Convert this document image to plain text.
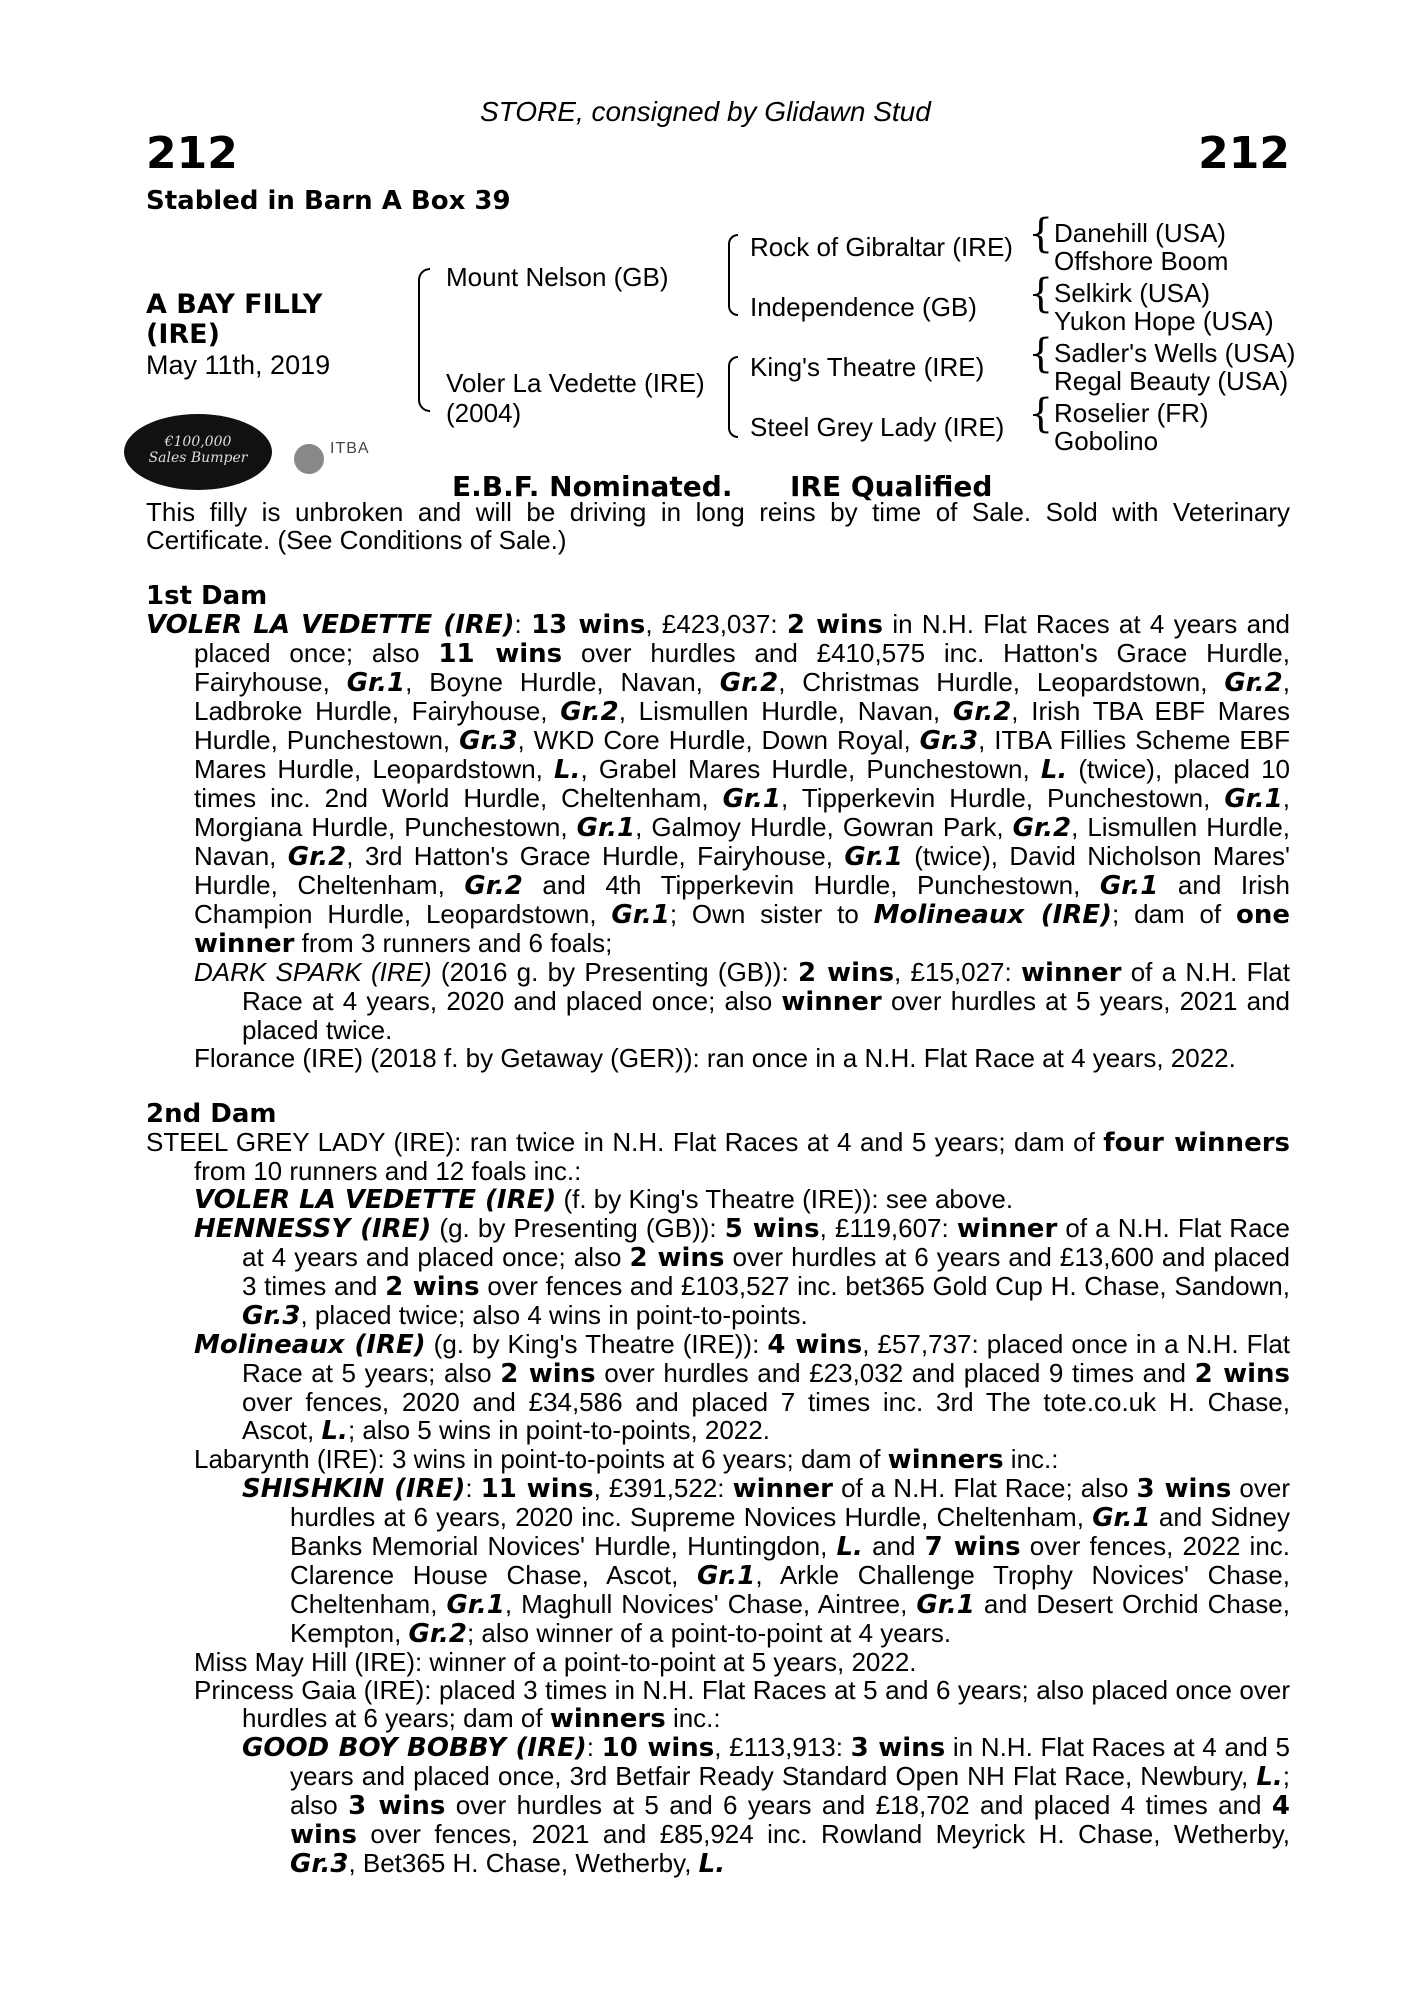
STORE, consigned by Glidawn Stud
212	212
Stabled in Barn A Box 39
A BAY FILLY (IRE)
May 11th, 2019
Mount Nelson (GB)
Voler La Vedette (IRE)
(2004)
Rock of Gibraltar (IRE)
Independence (GB)
King's Theatre (IRE)
Steel Grey Lady (IRE)
{ Danehill (USA)
Offshore Boom
{ Selkirk (USA)
Yukon Hope (USA)
{ Sadler's Wells (USA)
Regal Beauty (USA)
{ Roselier (FR)
Gobolino
€100,000
Sales Bumper
ITBA
E.B.F. Nominated. IRE Qualified

This filly is unbroken and will be driving in long reins by time of Sale. Sold with Veterinary Certificate. (See Conditions of Sale.)

1st Dam

VOLER LA VEDETTE (IRE): 13 wins, £423,037: 2 wins in N.H. Flat Races at 4 years and placed once; also 11 wins over hurdles and £410,575 inc. Hatton's Grace Hurdle, Fairyhouse, Gr.1, Boyne Hurdle, Navan, Gr.2, Christmas Hurdle, Leopardstown, Gr.2, Ladbroke Hurdle, Fairyhouse, Gr.2, Lismullen Hurdle, Navan, Gr.2, Irish TBA EBF Mares Hurdle, Punchestown, Gr.3, WKD Core Hurdle, Down Royal, Gr.3, ITBA Fillies Scheme EBF Mares Hurdle, Leopardstown, L., Grabel Mares Hurdle, Punchestown, L. (twice), placed 10 times inc. 2nd World Hurdle, Cheltenham, Gr.1, Tipperkevin Hurdle, Punchestown, Gr.1, Morgiana Hurdle, Punchestown, Gr.1, Galmoy Hurdle, Gowran Park, Gr.2, Lismullen Hurdle, Navan, Gr.2, 3rd Hatton's Grace Hurdle, Fairyhouse, Gr.1 (twice), David Nicholson Mares' Hurdle, Cheltenham, Gr.2 and 4th Tipperkevin Hurdle, Punchestown, Gr.1 and Irish Champion Hurdle, Leopardstown, Gr.1; Own sister to Molineaux (IRE); dam of one winner from 3 runners and 6 foals;

DARK SPARK (IRE) (2016 g. by Presenting (GB)): 2 wins, £15,027: winner of a N.H. Flat Race at 4 years, 2020 and placed once; also winner over hurdles at 5 years, 2021 and placed twice.

Florance (IRE) (2018 f. by Getaway (GER)): ran once in a N.H. Flat Race at 4 years, 2022.

2nd Dam

STEEL GREY LADY (IRE): ran twice in N.H. Flat Races at 4 and 5 years; dam of four winners from 10 runners and 12 foals inc.:

VOLER LA VEDETTE (IRE) (f. by King's Theatre (IRE)): see above.

HENNESSY (IRE) (g. by Presenting (GB)): 5 wins, £119,607: winner of a N.H. Flat Race at 4 years and placed once; also 2 wins over hurdles at 6 years and £13,600 and placed 3 times and 2 wins over fences and £103,527 inc. bet365 Gold Cup H. Chase, Sandown, Gr.3, placed twice; also 4 wins in point-to-points.

Molineaux (IRE) (g. by King's Theatre (IRE)): 4 wins, £57,737: placed once in a N.H. Flat Race at 5 years; also 2 wins over hurdles and £23,032 and placed 9 times and 2 wins over fences, 2020 and £34,586 and placed 7 times inc. 3rd The tote.co.uk H. Chase, Ascot, L.; also 5 wins in point-to-points, 2022.

Labarynth (IRE): 3 wins in point-to-points at 6 years; dam of winners inc.:

SHISHKIN (IRE): 11 wins, £391,522: winner of a N.H. Flat Race; also 3 wins over hurdles at 6 years, 2020 inc. Supreme Novices Hurdle, Cheltenham, Gr.1 and Sidney Banks Memorial Novices' Hurdle, Huntingdon, L. and 7 wins over fences, 2022 inc. Clarence House Chase, Ascot, Gr.1, Arkle Challenge Trophy Novices' Chase, Cheltenham, Gr.1, Maghull Novices' Chase, Aintree, Gr.1 and Desert Orchid Chase, Kempton, Gr.2; also winner of a point-to-point at 4 years.

Miss May Hill (IRE): winner of a point-to-point at 5 years, 2022.

Princess Gaia (IRE): placed 3 times in N.H. Flat Races at 5 and 6 years; also placed once over hurdles at 6 years; dam of winners inc.:

GOOD BOY BOBBY (IRE): 10 wins, £113,913: 3 wins in N.H. Flat Races at 4 and 5 years and placed once, 3rd Betfair Ready Standard Open NH Flat Race, Newbury, L.; also 3 wins over hurdles at 5 and 6 years and £18,702 and placed 4 times and 4 wins over fences, 2021 and £85,924 inc. Rowland Meyrick H. Chase, Wetherby, Gr.3, Bet365 H. Chase, Wetherby, L.
